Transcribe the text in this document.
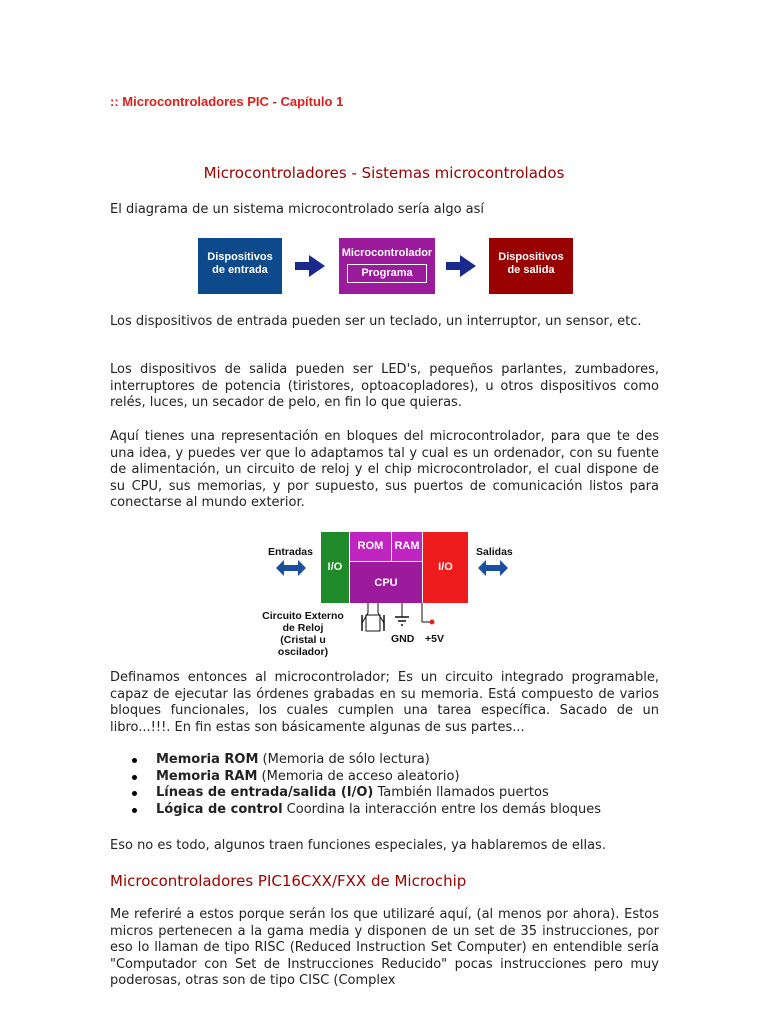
:: Microcontroladores PIC - Capítulo 1
Microcontroladores - Sistemas microcontrolados
El diagrama de un sistema microcontrolado sería algo así
Dispositivos de entrada
Microcontrolador
Programa
Dispositivos de salida
Los dispositivos de entrada pueden ser un teclado, un interruptor, un sensor, etc.
Los dispositivos de salida pueden ser LED's, pequeños parlantes, zumbadores, interruptores de potencia (tiristores, optoacopladores), u otros dispositivos como relés, luces, un secador de pelo, en fin lo que quieras.
Aquí tienes una representación en bloques del microcontrolador, para que te des una idea, y puedes ver que lo adaptamos tal y cual es un ordenador, con su fuente de alimentación, un circuito de reloj y el chip microcontrolador, el cual dispone de su CPU, sus memorias, y por supuesto, sus puertos de comunicación listos para conectarse al mundo exterior.
Entradas
I/O
ROM	RAM
CPU
I/O
Salidas
Circuito Externo
de Reloj
(Cristal u oscilador)
GND +5V
Definamos entonces al microcontrolador; Es un circuito integrado programable, capaz de ejecutar las órdenes grabadas en su memoria. Está compuesto de varios bloques funcionales, los cuales cumplen una tarea específica. Sacado de un libro...!!!. En fin estas son básicamente algunas de sus partes...
Memoria ROM (Memoria de sólo lectura)
Memoria RAM (Memoria de acceso aleatorio)
Líneas de entrada/salida (I/O) También llamados puertos
Lógica de control Coordina la interacción entre los demás bloques
Eso no es todo, algunos traen funciones especiales, ya hablaremos de ellas.
Microcontroladores PIC16CXX/FXX de Microchip
Me referiré a estos porque serán los que utilizaré aquí, (al menos por ahora). Estos micros pertenecen a la gama media y disponen de un set de 35 instrucciones, por eso lo llaman de tipo RISC (Reduced Instruction Set Computer) en entendible sería "Computador con Set de Instrucciones Reducido" pocas instrucciones pero muy poderosas, otras son de tipo CISC (Complex
